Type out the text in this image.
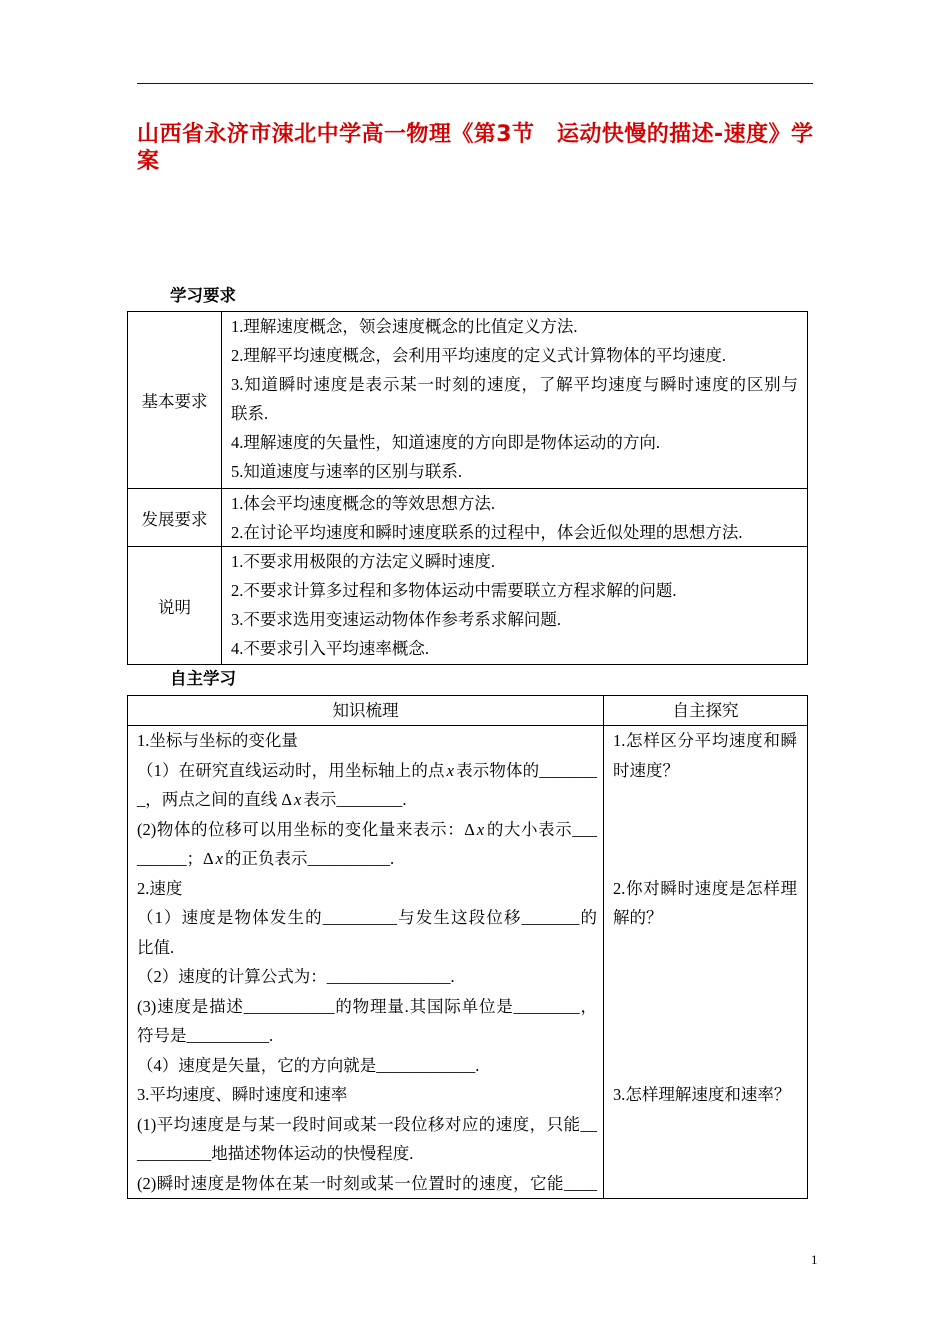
山西省永济市涑北中学高一物理《第3节　运动快慢的描述-速度》学
案
学习要求
基本要求
1.理解速度概念，领会速度概念的比值定义方法.
2.理解平均速度概念，会利用平均速度的定义式计算物体的平均速度.
3.知道瞬时速度是表示某一时刻的速度，了解平均速度与瞬时速度的区别与
联系.
4.理解速度的矢量性，知道速度的方向即是物体运动的方向.
5.知道速度与速率的区别与联系.
发展要求
1.体会平均速度概念的等效思想方法.
2.在讨论平均速度和瞬时速度联系的过程中，体会近似处理的思想方法.
说明
1.不要求用极限的方法定义瞬时速度.
2.不要求计算多过程和多物体运动中需要联立方程求解的问题.
3.不要求选用变速运动物体作参考系求解问题.
4.不要求引入平均速率概念.
自主学习
知识梳理	自主探究
1.坐标与坐标的变化量
（1）在研究直线运动时，用坐标轴上的点 x 表示物体的_______
_，两点之间的直线 Δ x 表示________.
(2)物体的位移可以用坐标的变化量来表示：Δ x 的大小表示___
______；Δ x 的正负表示__________.
2.速度
（1）速度是物体发生的_________与发生这段位移_______的
比值.
（2）速度的计算公式为：_______________.
(3)速度是描述___________的物理量.其国际单位是________，
符号是__________.
（4）速度是矢量，它的方向就是____________.
3.平均速度、瞬时速度和速率
(1)平均速度是与某一段时间或某一段位移对应的速度，只能__
_________地描述物体运动的快慢程度.
(2)瞬时速度是物体在某一时刻或某一位置时的速度，它能____
1.怎样区分平均速度和瞬
时速度？
2.你对瞬时速度是怎样理
解的？
3.怎样理解速度和速率？
1
